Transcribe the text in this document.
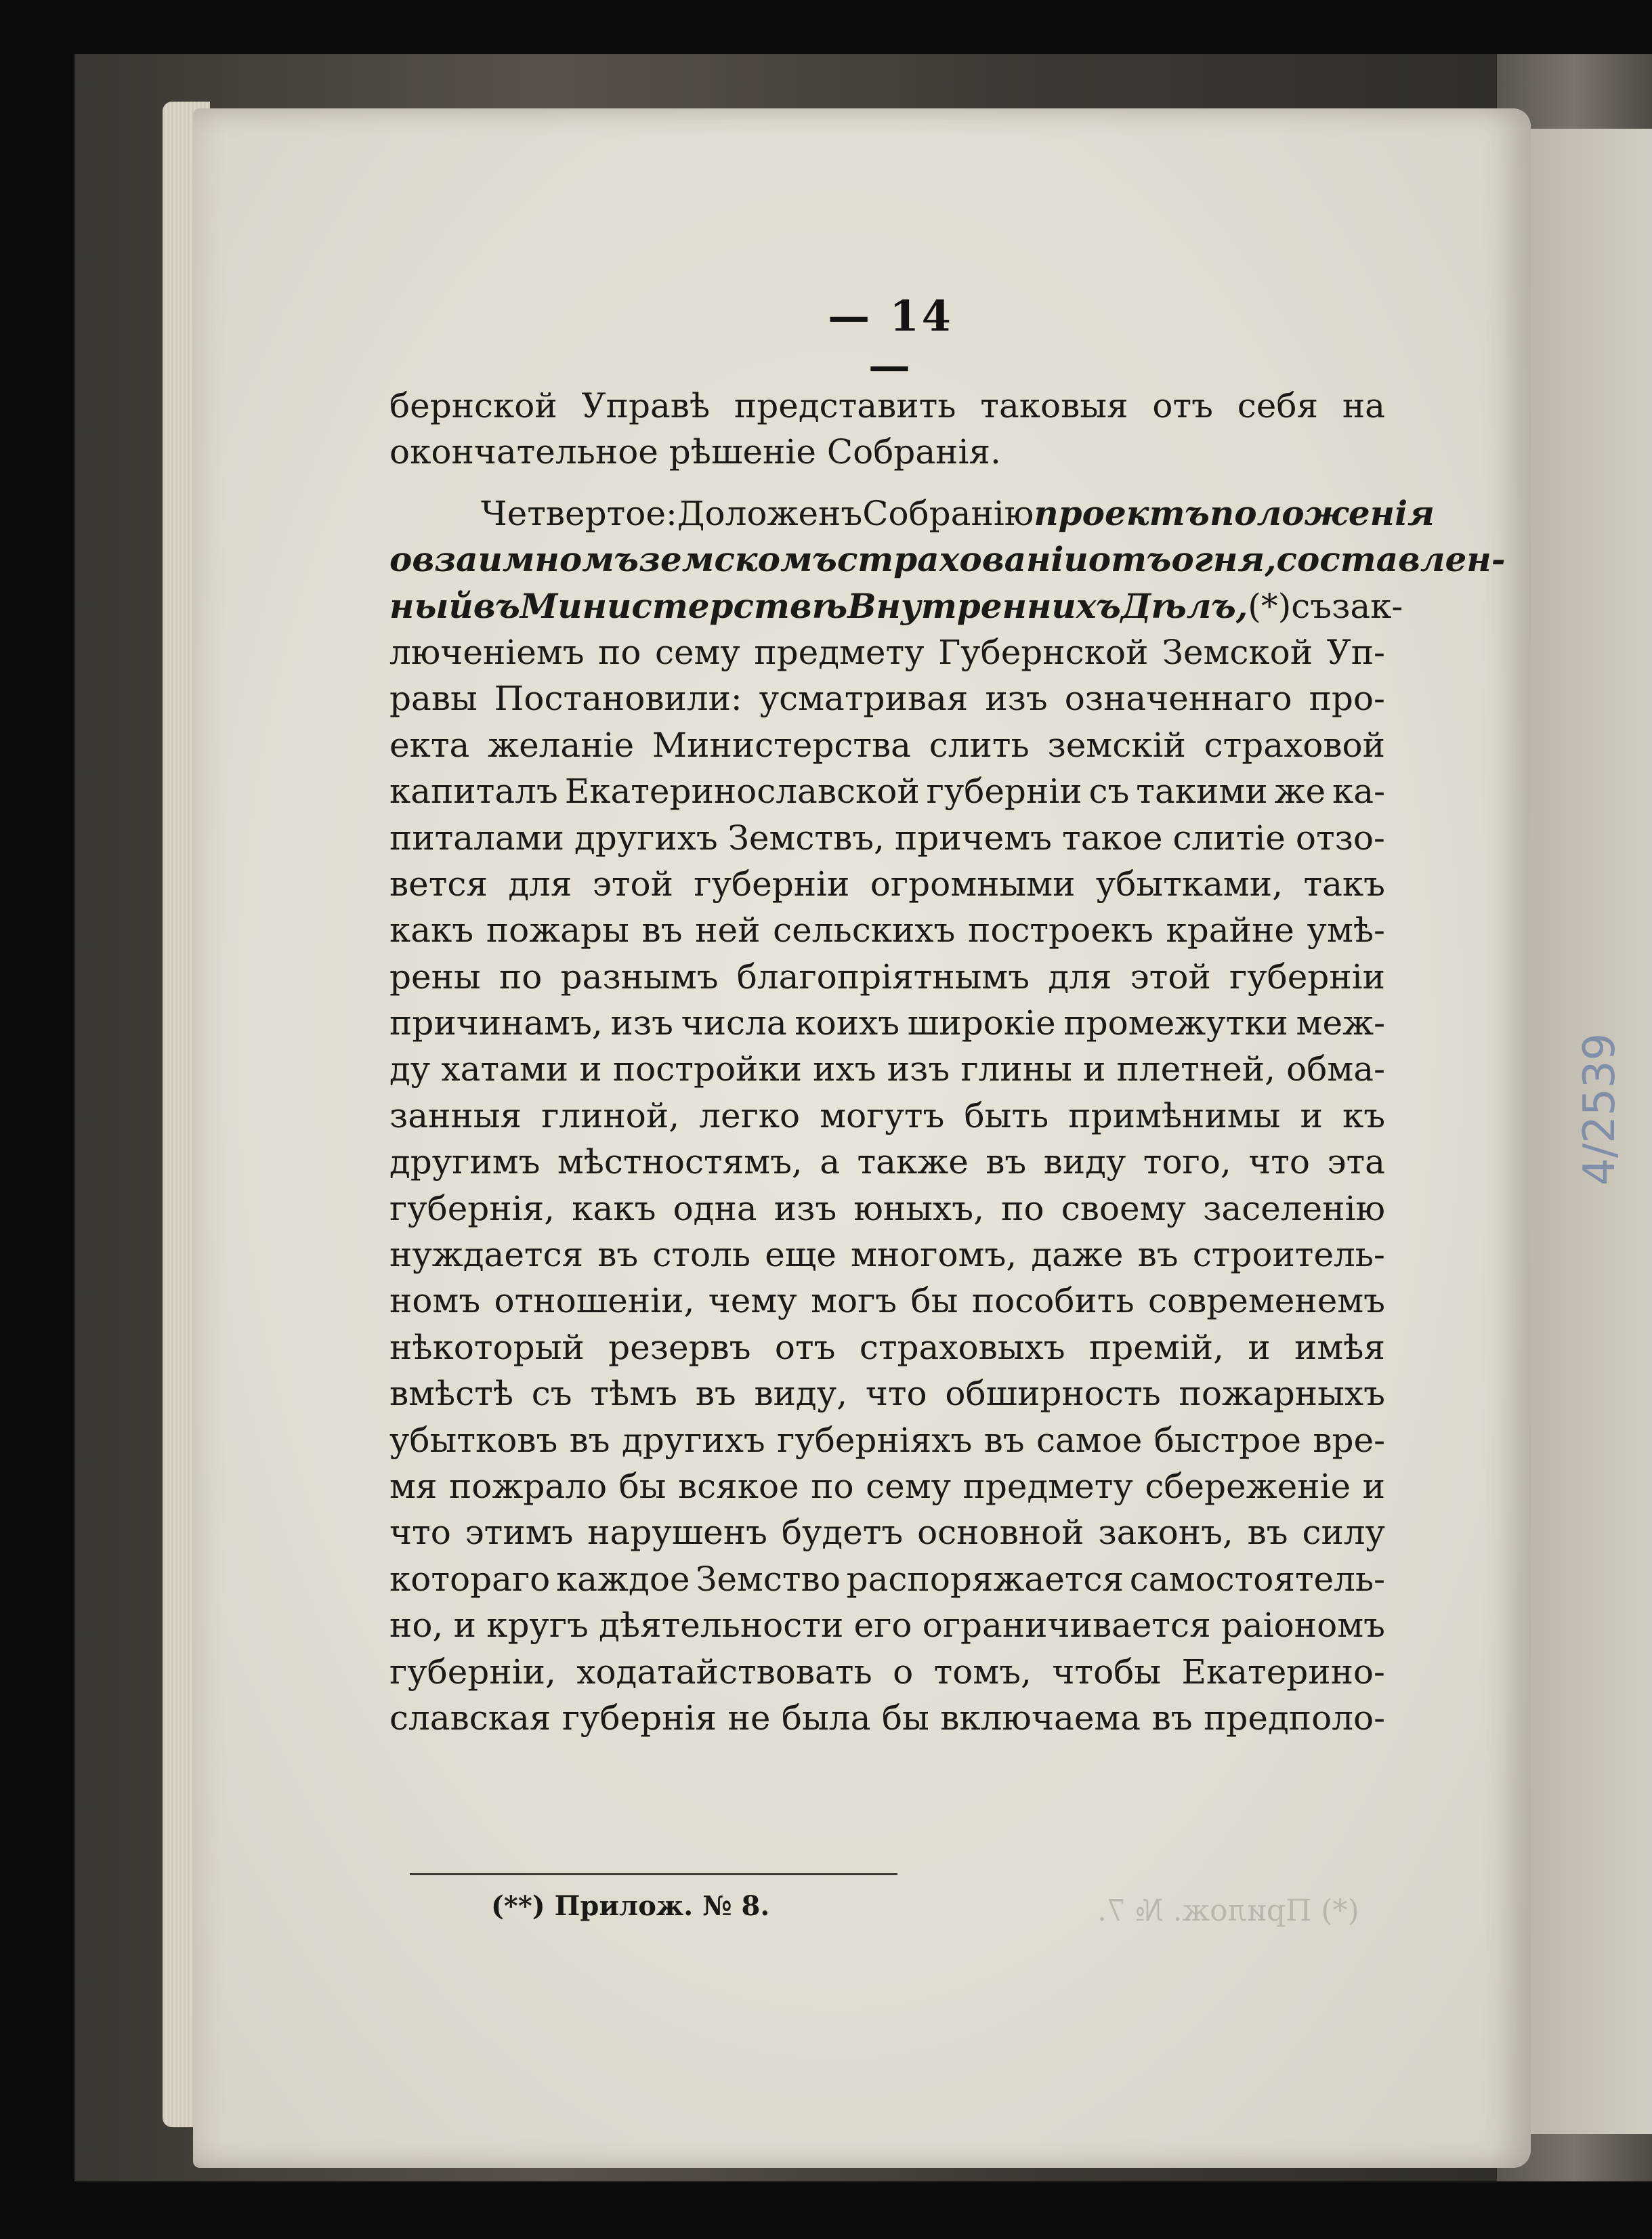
4/2539
(*) Прилож. № 7.
— 14 —
бернской Управѣ представить таковыя отъ себя на
окончательное рѣшеніе Собранія.
Четвертое: Доложенъ Собранію проектъ положенія
о взаимномъ земскомъ страхованіи отъ огня, составлен-
ный въ Министерствѣ Внутреннихъ Дѣлъ, (*) съ зак-
люченіемъ по сему предмету Губернской Земской Уп-
равы Постановили: усматривая изъ означеннаго про-
екта желаніе Министерства слить земскій страховой
капиталъ Екатеринославской губерніи съ такими же ка-
питалами другихъ Земствъ, причемъ такое слитіе отзо-
вется для этой губерніи огромными убытками, такъ
какъ пожары въ ней сельскихъ построекъ крайне умѣ-
рены по разнымъ благопріятнымъ для этой губерніи
причинамъ, изъ числа коихъ широкіе промежутки меж-
ду хатами и постройки ихъ изъ глины и плетней, обма-
занныя глиной, легко могутъ быть примѣнимы и къ
другимъ мѣстностямъ, а также въ виду того, что эта
губернія, какъ одна изъ юныхъ, по своему заселенію
нуждается въ столь еще многомъ, даже въ строитель-
номъ отношеніи, чему могъ бы пособить современемъ
нѣкоторый резервъ отъ страховыхъ премій, и имѣя
вмѣстѣ съ тѣмъ въ виду, что обширность пожарныхъ
убытковъ въ другихъ губерніяхъ въ самое быстрое вре-
мя пожрало бы всякое по сему предмету сбереженіе и
что этимъ нарушенъ будетъ основной законъ, въ силу
котораго каждое Земство распоряжается самостоятель-
но, и кругъ дѣятельности его ограничивается раіономъ
губерніи, ходатайствовать о томъ, чтобы Екатерино-
славская губернія не была бы включаема въ предполо-
(**) Прилож. № 8.
